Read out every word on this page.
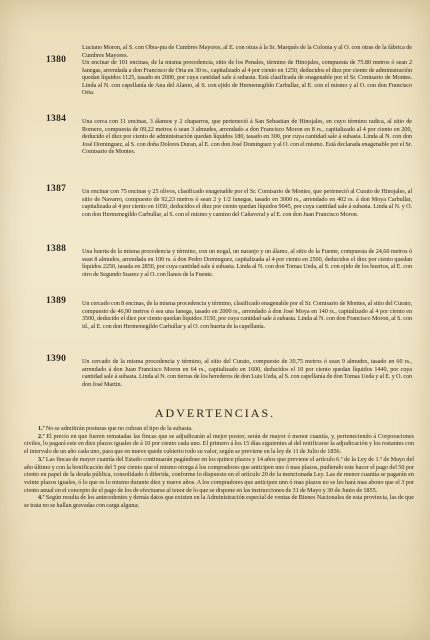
Luciano Moron, al S. con Obra-pia de Cumbres Mayores, al E. con otras à la Sr. Marqués de la Colonia y al O. con otras de la fábrica de Cumbres Mayores.
1380	Un encinar de 101 encinas, de la misma procedencia, sitio de los Penales, término de Hinojales, compuesta de 75.80 metros ó sean 2 fanegas, arrendada a don Francisco de Orta en 30 rs., capitalizado al 4 por ciento en 1250, deducidos el diez por ciento de administración quedan líquidos 1125, tasado en 2000, por cuya cantidad sale á subasta. Está clasificada de enagenable por el Sr. Comisario de Montes. Linda al N. con capellanía de Ana del Alamo, al S. con ejido de Hermenegildo Carbullar, al E. con el mismo y al O. con don Francisco Orta.
1384	Una cerca con 11 encinas, 3 álamos y 2 chaparros, que perteneció á San Sebastian de Hinojales, en cuyo término radica, al sitio de Romero, compuesta de 09,22 metros ó sean 3 almudes, arrendado a don Francisco Moron en 8 rs., capitalizado al 4 por ciento en 200, deducido el diez por ciento de administración quedan líquidos 180, tasado en 300, por cuya cantidad sale á subasta. Linda al N. con don José Dominguez, al S. con doña Dolores Duran, al E. con don José Dominguez y al O. con el mismo. Está declarada enagenable por el Sr. Comisario de Montes.
1387	Un encinar con 75 encinas y 25 olivos, clasificado enagenable por el Sr. Comisario de Montes, que perteneció al Curato de Hinojales, al sitio de Navarro, compuesto de 92,23 metros ó sean 2 y 1/2 fanegas, tasado en 3000 rs., arrendado en 402 rs. á don Moya Carbullar, capitalizada al 4 por ciento en 1050, deducidos el diez por ciento quedan líquidos 9045, por cuya cantidad sale á subasta. Linda al N. y O. con don Hermenegildo Carbullar, al S. con el mismo y camino del Cañaveral y al E. con don Juan Francisco Moron.
1388	Una huerta de la misma procedencia y término, con un nogal, un naranjo y un álamo, al sitio de la Fuente, compuesta de 24,60 metros ó sean 8 almudes, arrendada en 100 rs. á don Pedro Dominguez, capitalizada al 4 por ciento en 2500, deducidos el diez por ciento quedan líquidos 2250, tasada en 2850, por cuya cantidad sale á subasta. Linda al N. con don Tomas Ueda, al S. con ejido de los huertos, al E. con otro de Segundo Suarez y al O. con llanos de la Fuente.
1389	Un cercado con 8 encinas, de la misma procedencia y término, clasificado enagenable por el Sr. Comisario de Montes, al sitio del Curato, compuesto de 46,90 metros ó sea una fanega, tasado en 2000 rs., arrendado á don José Moya en 140 rs., capitalizado al 4 por ciento en 3500, deducido el diez por ciento quedan líquidos 3150, por cuya cantidad sale á subasta. Linda al N. con don Francisco Moron, al S. con id., al E. con don Hermenegildo Carbullar y al O. con huerta de la capellanía.
1390	Un cercado de la misma procedencia y término, al sitio del Curato, compuesto de 30,75 metros ó sean 9 almudes, tasado en 60 rs., arrendado á don Juan Francisco Moron en 64 rs., capitalizado en 1600, deducidos el 10 por ciento quedan líquidos 1440, por cuya cantidad sale á subasta. Linda al N. con tierras de los herederos de don Luis Ueda, al S. con capellanía de don Tomas Ueda y al E. y O. con don José Martin.
ADVERTENCIAS.

1.ª No se admitirán posturas que no cubran el tipo de la subasta.

2.ª El precio en que fueren rematadas las fincas que se adjudicarán al mejor postor, serán de mayor ó menor cuantía, y, perteneciendo á Corporaciones civiles, lo pagará este en diez plazos iguales de á 10 por ciento cada uno. El primero á los 15 días siguientes al del notificarse la adjudicación y los restantes con el intervalo de un año cada uno, para que en nueve quede cubierto todo su valor, según se previene en la ley de 11 de Julio de 1856.

3.ª Las fincas de mayor cuantía del Estado continuarán pagándose en los quince plazos y 14 años que previene el artículo 6.º de la Ley de 1.º de Mayo del año último y con la bonificación del 5 por ciento que el mismo otorga á los compradores que anticipen uno ó mas plazos, pudiendo este hacer el pago del 50 por ciento en papel de la deuda pública, consolidado ó diferida, conforme lo dispuesto en el artículo 20 de la mencionada Ley. Las de menor cuantía se pagarán en veinte plazos iguales, ó lo que es lo mismo durante diez y nueve años. A los compradores que anticipen uno ó mas plazos no se les hará mas abono que el 3 por ciento anual en el concepto de el pago de los de efectuarse al tenor de lo que se dispone en las instrucciones de 31 de Mayo y 30 de Junio de 1855.

4.ª Según resulta de los antecedentes y demás datos que existen en la Administración especial de ventas de Bienes Nacionales de esta provincia, las de que se trata no se hallan gravadas con carga alguna;
